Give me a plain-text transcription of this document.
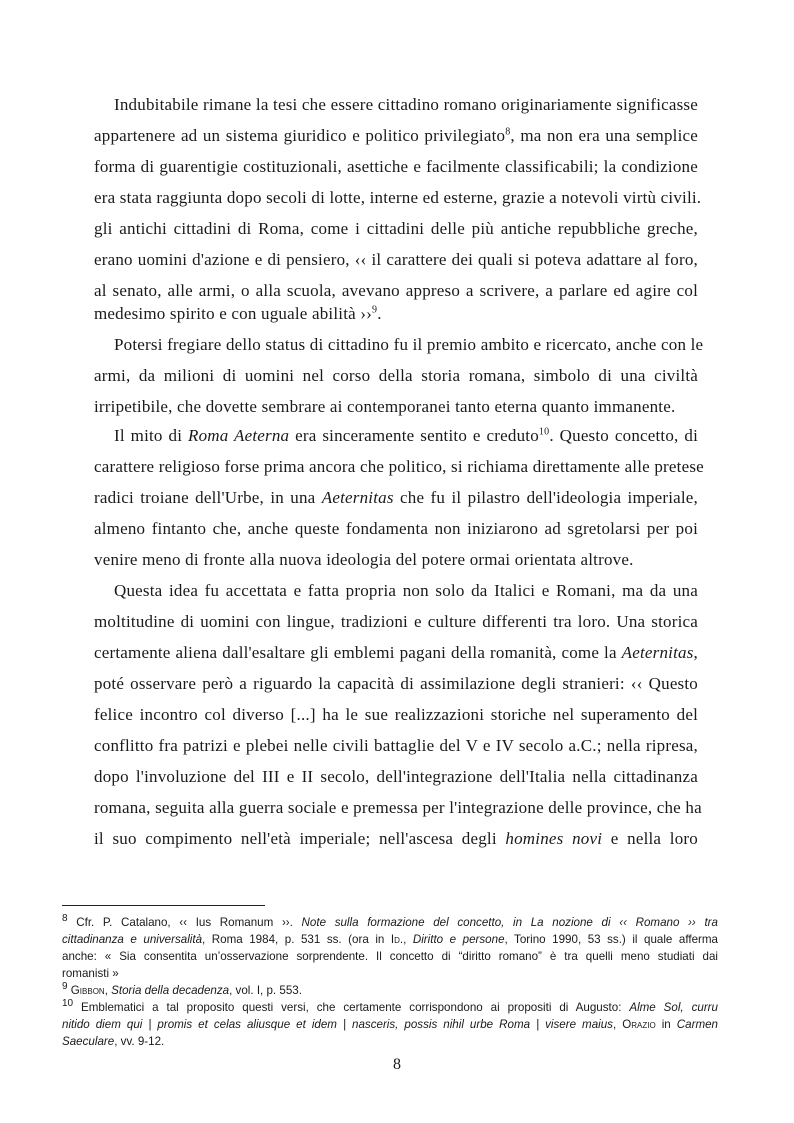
Indubitabile rimane la tesi che essere cittadino romano originariamente significasse
appartenere ad un sistema giuridico e politico privilegiato$^8$, ma non era una semplice
forma di guarentigie costituzionali, asettiche e facilmente classificabili; la condizione
era stata raggiunta dopo secoli di lotte, interne ed esterne, grazie a notevoli virtù civili.
gli antichi cittadini di Roma, come i cittadini delle più antiche repubbliche greche,
erano uomini d'azione e di pensiero, ‹‹ il carattere dei quali si poteva adattare al foro,
al senato, alle armi, o alla scuola, avevano appreso a scrivere, a parlare ed agire col
medesimo spirito e con uguale abilità ››$^9$.
Potersi fregiare dello status di cittadino fu il premio ambito e ricercato, anche con le
armi, da milioni di uomini nel corso della storia romana, simbolo di una civiltà
irripetibile, che dovette sembrare ai contemporanei tanto eterna quanto immanente.
Il mito di Roma Aeterna era sinceramente sentito e creduto$^{10}$. Questo concetto, di
carattere religioso forse prima ancora che politico, si richiama direttamente alle pretese
radici troiane dell'Urbe, in una Aeternitas che fu il pilastro dell'ideologia imperiale,
almeno fintanto che, anche queste fondamenta non iniziarono ad sgretolarsi per poi
venire meno di fronte alla nuova ideologia del potere ormai orientata altrove.
Questa idea fu accettata e fatta propria non solo da Italici e Romani, ma da una
moltitudine di uomini con lingue, tradizioni e culture differenti tra loro. Una storica
certamente aliena dall'esaltare gli emblemi pagani della romanità, come la Aeternitas,
poté osservare però a riguardo la capacità di assimilazione degli stranieri: ‹‹ Questo
felice incontro col diverso [...] ha le sue realizzazioni storiche nel superamento del
conflitto fra patrizi e plebei nelle civili battaglie del V e IV secolo a.C.; nella ripresa,
dopo l'involuzione del III e II secolo, dell'integrazione dell'Italia nella cittadinanza
romana, seguita alla guerra sociale e premessa per l'integrazione delle province, che ha
il suo compimento nell'età imperiale; nell'ascesa degli homines novi e nella loro
$^8$ Cfr. P. Catalano, ‹‹ Ius Romanum ››. Note sulla formazione del concetto, in La nozione di ‹‹ Romano ›› tra
cittadinanza e universalità, Roma 1984, p. 531 ss. (ora in Id., Diritto e persone, Torino 1990, 53 ss.) il quale afferma
anche: « Sia consentita un’osservazione sorprendente. Il concetto di “diritto romano” è tra quelli meno studiati dai
romanisti »
$^9$ Gibbon, Storia della decadenza, vol. I, p. 553.
$^{10}$ Emblematici a tal proposito questi versi, che certamente corrispondono ai propositi di Augusto: Alme Sol, curru
nitido diem qui | promis et celas aliusque et idem | nasceris, possis nihil urbe Roma | visere maius, Orazio in Carmen
Saeculare, vv. 9-12.
8
